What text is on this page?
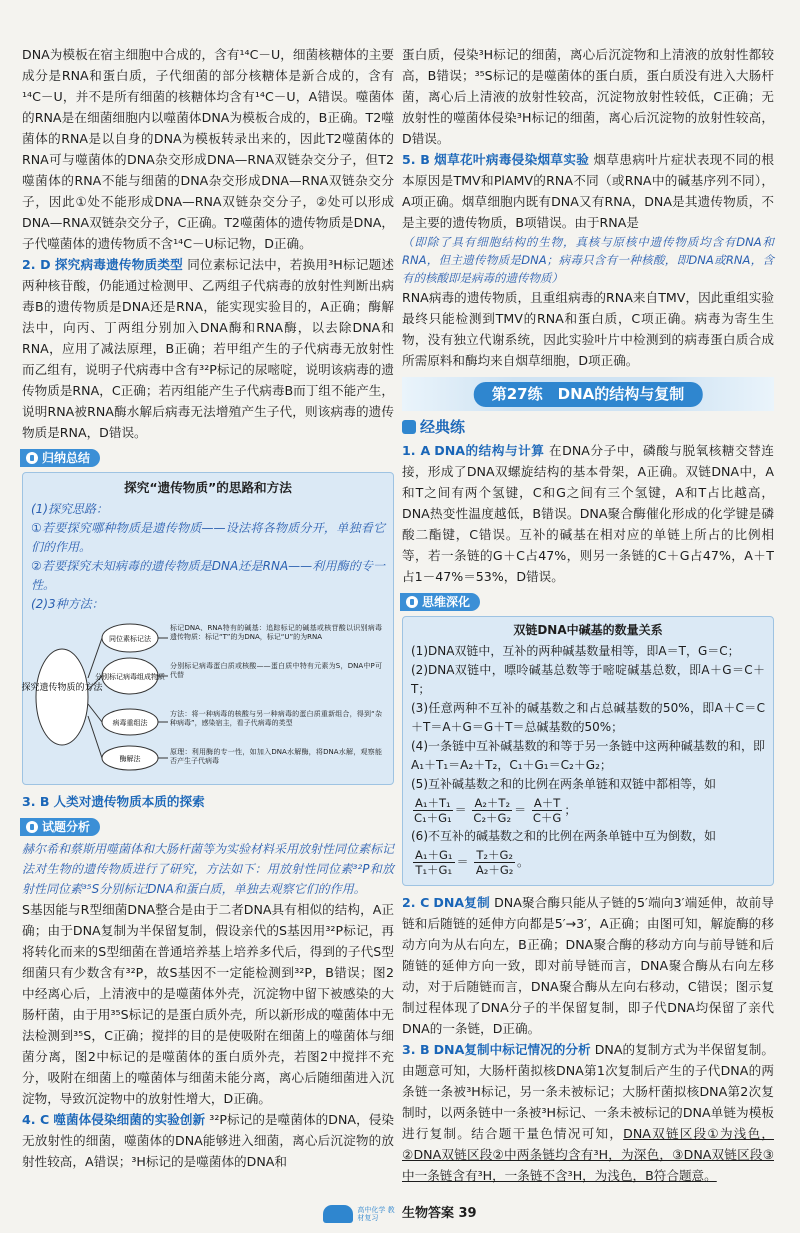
DNA为模板在宿主细胞中合成的，含有¹⁴C－U，细菌核糖体的主要成分是RNA和蛋白质，子代细菌的部分核糖体是新合成的，含有¹⁴C－U，并不是所有细菌的核糖体均含有¹⁴C－U，A错误。噬菌体的RNA是在细菌细胞内以噬菌体DNA为模板合成的，B正确。T2噬菌体的RNA是以自身的DNA为模板转录出来的，因此T2噬菌体的RNA可与噬菌体的DNA杂交形成DNA—RNA双链杂交分子，但T2噬菌体的RNA不能与细菌的DNA杂交形成DNA—RNA双链杂交分子，因此①处不能形成DNA—RNA双链杂交分子，②处可以形成DNA—RNA双链杂交分子，C正确。T2噬菌体的遗传物质是DNA，子代噬菌体的遗传物质不含¹⁴C－U标记物，D正确。

2. D 探究病毒遗传物质类型 同位素标记法中，若换用³H标记题述两种核苷酸，仍能通过检测甲、乙两组子代病毒的放射性判断出病毒B的遗传物质是DNA还是RNA，能实现实验目的，A正确；酶解法中，向丙、丁两组分别加入DNA酶和RNA酶，以去除DNA和RNA，应用了减法原理，B正确；若甲组产生的子代病毒无放射性而乙组有，说明子代病毒中含有³²P标记的尿嘧啶，说明该病毒的遗传物质是RNA，C正确；若丙组能产生子代病毒B而丁组不能产生，说明RNA被RNA酶水解后病毒无法增殖产生子代，则该病毒的遗传物质是RNA，D错误。

归纳总结

探究“遗传物质”的思路和方法

(1)探究思路：

①若要探究哪种物质是遗传物质——设法将各物质分开，单独看它们的作用。

②若要探究未知病毒的遗传物质是DNA还是RNA——利用酶的专一性。

(2)3种方法：

探究遗传物质的方法
同位素标记法
分别标记病毒组成物质
病毒重组法
酶解法
标记DNA、RNA特有的碱基：追踪标记的碱基或核苷酸以识别病毒遗传物质：标记“T”的为DNA，标记“U”的为RNA
分别标记病毒蛋白质或核酸——蛋白质中特有元素为S，DNA中P可代替
方法：将一种病毒的核酸与另一种病毒的蛋白质重新组合，得到“杂种病毒”，感染宿主，看子代病毒的类型
原理：利用酶的专一性，如加入DNA水解酶，将DNA水解，观察能否产生子代病毒

3. B 人类对遗传物质本质的探索

试题分析

赫尔希和蔡斯用噬菌体和大肠杆菌等为实验材料采用放射性同位素标记法对生物的遗传物质进行了研究，方法如下：用放射性同位素³²P和放射性同位素³⁵S分别标记DNA和蛋白质，单独去观察它们的作用。

S基因能与R型细菌DNA整合是由于二者DNA具有相似的结构，A正确；由于DNA复制为半保留复制，假设亲代的S基因用³²P标记，再将转化而来的S型细菌在普通培养基上培养多代后，得到的子代S型细菌只有少数含有³²P，故S基因不一定能检测到³²P，B错误；图2中经离心后，上清液中的是噬菌体外壳，沉淀物中留下被感染的大肠杆菌，由于用³⁵S标记的是蛋白质外壳，所以新形成的噬菌体中无法检测到³⁵S，C正确；搅拌的目的是使吸附在细菌上的噬菌体与细菌分离，图2中标记的是噬菌体的蛋白质外壳，若图2中搅拌不充分，吸附在细菌上的噬菌体与细菌未能分离，离心后随细菌进入沉淀物，导致沉淀物中的放射性增大，D正确。

4. C 噬菌体侵染细菌的实验创新 ³²P标记的是噬菌体的DNA，侵染无放射性的细菌，噬菌体的DNA能够进入细菌，离心后沉淀物的放射性较高，A错误；³H标记的是噬菌体的DNA和

蛋白质，侵染³H标记的细菌，离心后沉淀物和上清液的放射性都较高，B错误；³⁵S标记的是噬菌体的蛋白质，蛋白质没有进入大肠杆菌，离心后上清液的放射性较高，沉淀物放射性较低，C正确；无放射性的噬菌体侵染³H标记的细菌，离心后沉淀物的放射性较高，D错误。

5. B 烟草花叶病毒侵染烟草实验 烟草患病叶片症状表现不同的根本原因是TMV和PlAMV的RNA不同（或RNA中的碱基序列不同），A项正确。烟草细胞内既有DNA又有RNA，DNA是其遗传物质，不是主要的遗传物质，B项错误。由于RNA是

（即除了具有细胞结构的生物，真核与原核中遗传物质均含有DNA和RNA，但主遗传物质是DNA；病毒只含有一种核酸，即DNA或RNA，含有的核酸即是病毒的遗传物质）

RNA病毒的遗传物质，且重组病毒的RNA来自TMV，因此重组实验最终只能检测到TMV的RNA和蛋白质，C项正确。病毒为寄生生物，没有独立代谢系统，因此实验叶片中检测到的病毒蛋白质合成所需原料和酶均来自烟草细胞，D项正确。

第27练　DNA的结构与复制
经典练

1. A DNA的结构与计算 在DNA分子中，磷酸与脱氧核糖交替连接，形成了DNA双螺旋结构的基本骨架，A正确。双链DNA中，A和T之间有两个氢键，C和G之间有三个氢键，A和T占比越高，DNA热变性温度越低，B错误。DNA聚合酶催化形成的化学键是磷酸二酯键，C错误。互补的碱基在相对应的单链上所占的比例相等，若一条链的G＋C占47%，则另一条链的C＋G占47%，A＋T占1－47%＝53%，D错误。

思维深化

双链DNA中碱基的数量关系

(1)DNA双链中，互补的两种碱基数量相等，即A＝T，G＝C；

(2)DNA双链中，嘌呤碱基总数等于嘧啶碱基总数，即A＋G＝C＋T；

(3)任意两种不互补的碱基数之和占总碱基数的50%，即A＋C＝C＋T＝A＋G＝G＋T＝总碱基数的50%；

(4)一条链中互补碱基数的和等于另一条链中这两种碱基数的和，即A₁＋T₁＝A₂＋T₂，C₁＋G₁＝C₂＋G₂；

(5)互补碱基数之和的比例在两条单链和双链中都相等，如

$\frac{\text{A₁＋T₁}}{\text{C₁＋G₁}} = \frac{\text{A₂＋T₂}}{\text{C₂＋G₂}} = \frac{A+T}{C+G}$ ；

(6)不互补的碱基数之和的比例在两条单链中互为倒数，如

$\frac{\text{A₁＋G₁}}{\text{T₁＋G₁}} = \frac{\text{T₂＋G₂}}{\text{A₂＋G₂}}$ 。

2. C DNA复制 DNA聚合酶只能从子链的5′端向3′端延伸，故前导链和后随链的延伸方向都是5′→3′，A正确；由图可知，解旋酶的移动方向为从右向左，B正确；DNA聚合酶的移动方向与前导链和后随链的延伸方向一致，即对前导链而言，DNA聚合酶从右向左移动，对于后随链而言，DNA聚合酶从左向右移动，C错误；图示复制过程体现了DNA分子的半保留复制，即子代DNA均保留了亲代DNA的一条链，D正确。

3. B DNA复制中标记情况的分析 DNA的复制方式为半保留复制。由题意可知，大肠杆菌拟核DNA第1次复制后产生的子代DNA的两条链一条被³H标记，另一条未被标记；大肠杆菌拟核DNA第2次复制时，以两条链中一条被³H标记、一条未被标记的DNA单链为模板进行复制。结合题干量色情况可知，DNA双链区段①为浅色，②DNA双链区段②中两条链均含有³H，为深色，③DNA双链区段③中一条链含有³H，一条链不含³H，为浅色，B符合题意。

高中化学 教材复习 生物答案 39
